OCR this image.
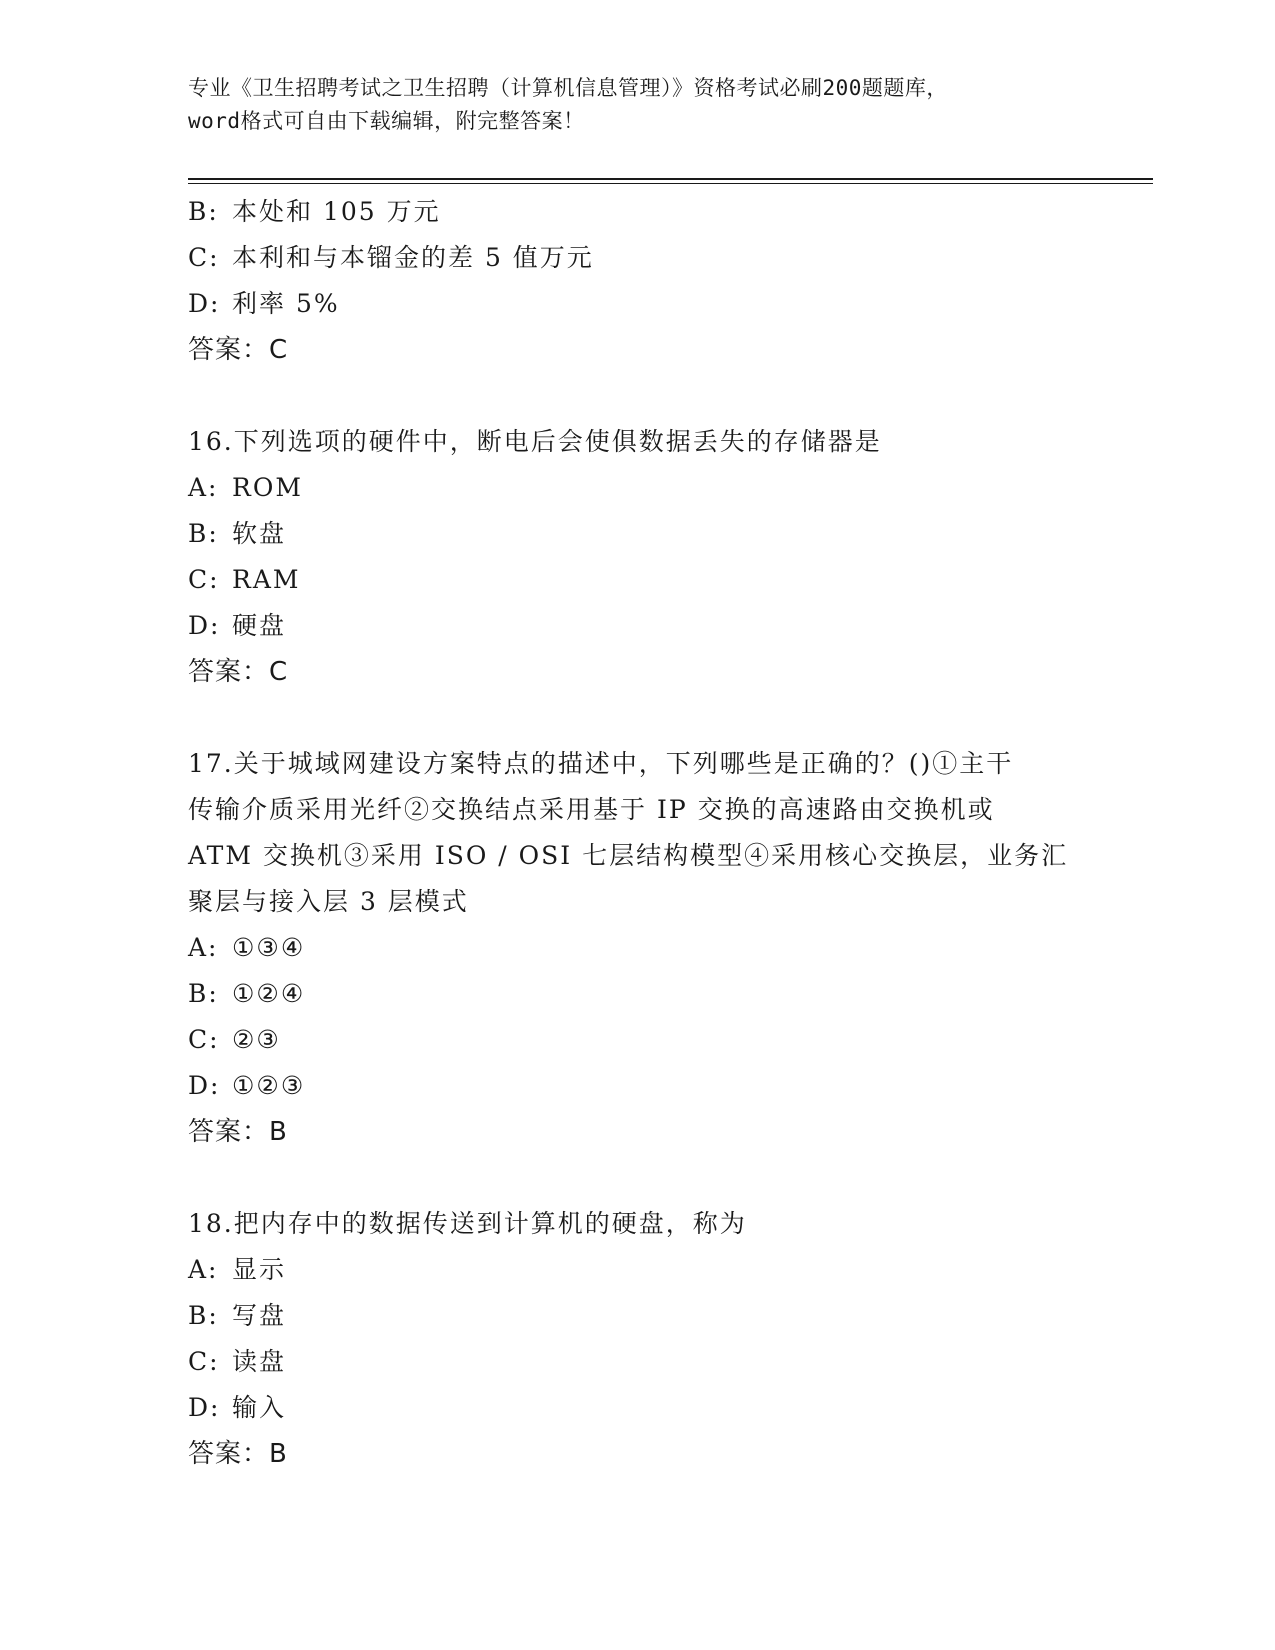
专业《卫生招聘考试之卫生招聘（计算机信息管理）》资格考试必刷200题题库，
word格式可自由下载编辑，附完整答案！
B: 本处和 105 万元
C: 本利和与本镏金的差 5 值万元
D: 利率 5%
答案：C
16.下列选项的硬件中，断电后会使俱数据丢失的存储器是
A: ROM
B: 软盘
C: RAM
D: 硬盘
答案：C
17.关于城域网建设方案特点的描述中，下列哪些是正确的？()①主干
传输介质采用光纤②交换结点采用基于 IP 交换的高速路由交换机或
ATM 交换机③采用 ISO / OSI 七层结构模型④采用核心交换层，业务汇
聚层与接入层 3 层模式
A: ①③④
B: ①②④
C: ②③
D: ①②③
答案：B
18.把内存中的数据传送到计算机的硬盘，称为
A: 显示
B: 写盘
C: 读盘
D: 输入
答案：B
